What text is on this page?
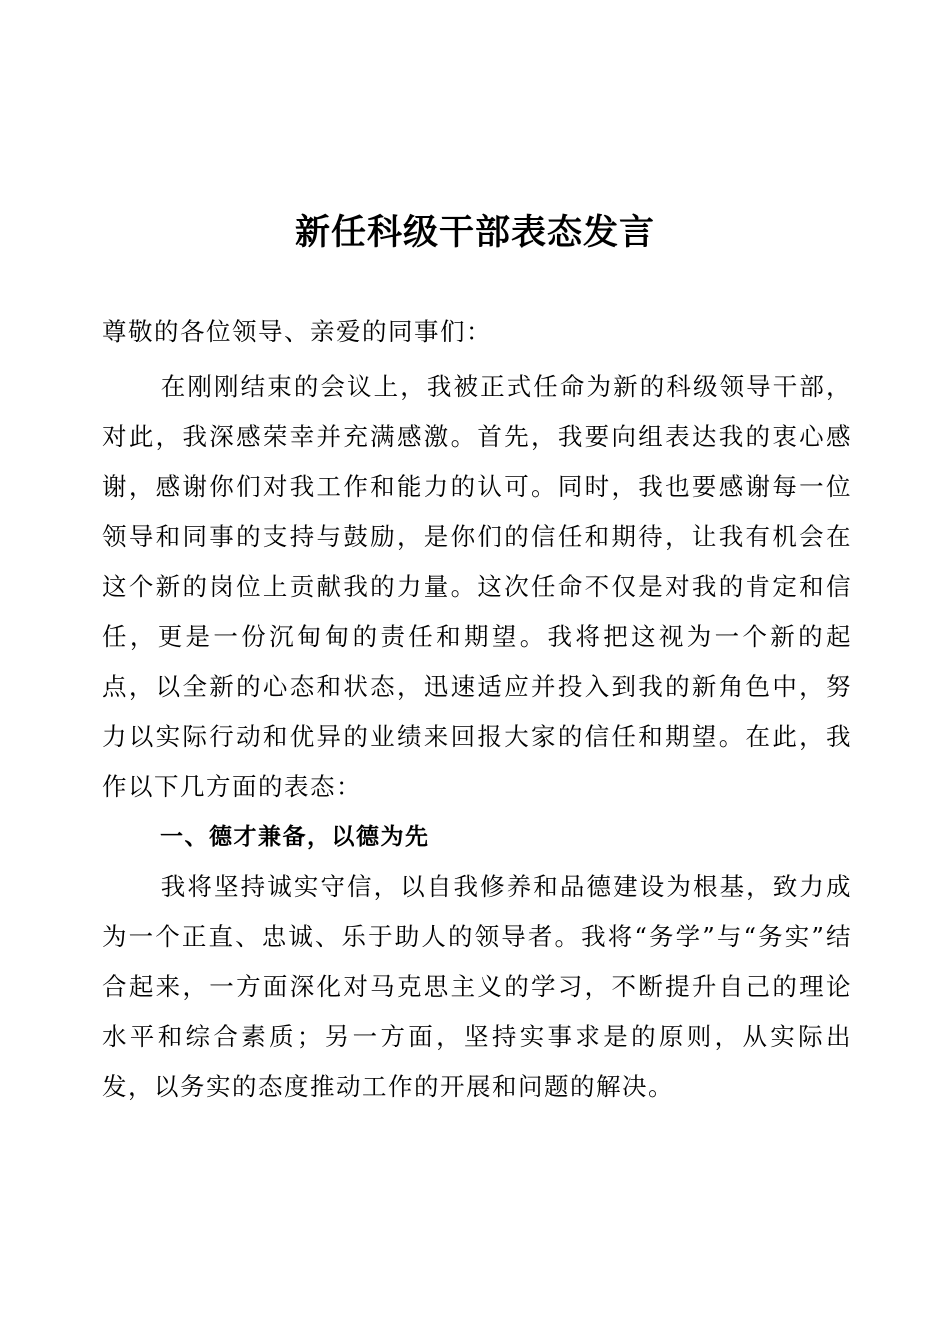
新任科级干部表态发言

尊敬的各位领导、亲爱的同事们：

在刚刚结束的会议上，我被正式任命为新的科级领导干部，对此，我深感荣幸并充满感激。首先，我要向组表达我的衷心感谢，感谢你们对我工作和能力的认可。同时，我也要感谢每一位领导和同事的支持与鼓励，是你们的信任和期待，让我有机会在这个新的岗位上贡献我的力量。这次任命不仅是对我的肯定和信任，更是一份沉甸甸的责任和期望。我将把这视为一个新的起点，以全新的心态和状态，迅速适应并投入到我的新角色中，努力以实际行动和优异的业绩来回报大家的信任和期望。在此，我作以下几方面的表态：

一、德才兼备，以德为先

我将坚持诚实守信，以自我修养和品德建设为根基，致力成为一个正直、忠诚、乐于助人的领导者。我将“务学”与“务实”结合起来，一方面深化对马克思主义的学习，不断提升自己的理论水平和综合素质；另一方面，坚持实事求是的原则，从实际出发，以务实的态度推动工作的开展和问题的解决。
